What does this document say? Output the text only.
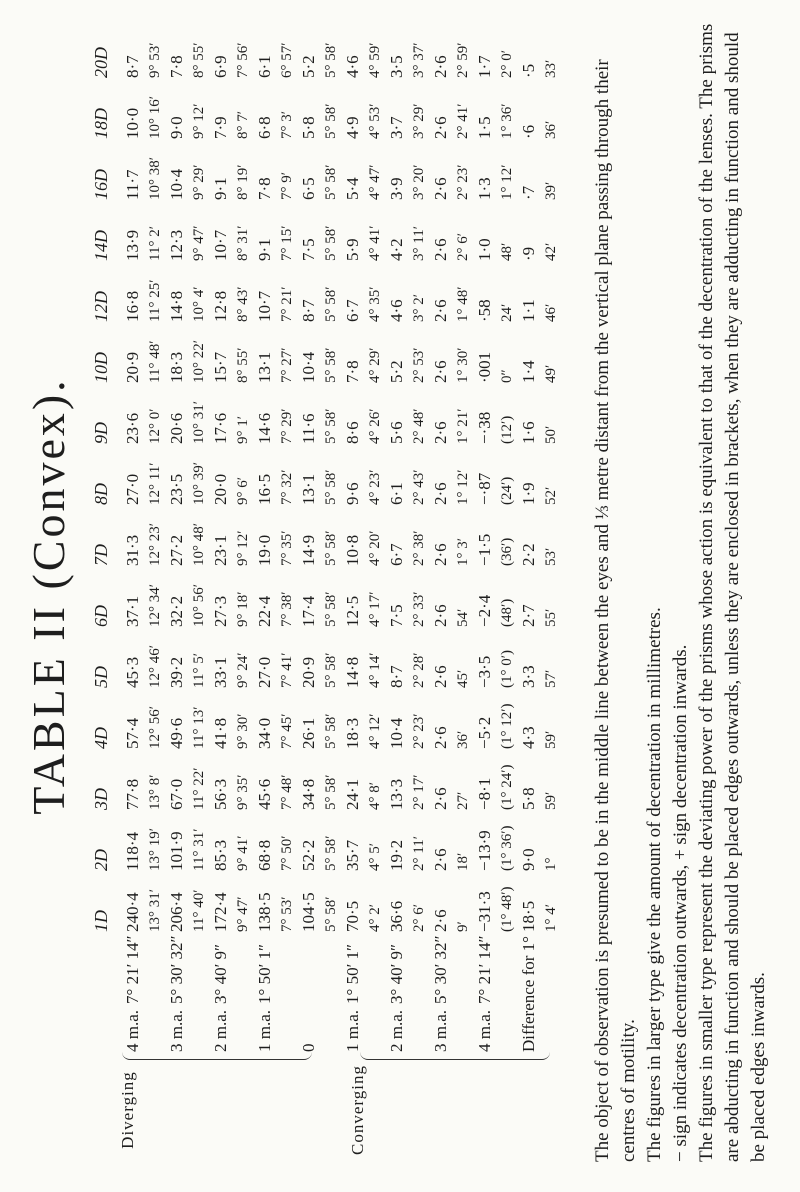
TABLE II (Convex).
Diverging	Converging
1D
2D
3D
4D
5D
6D
7D
8D
9D
10D
12D
14D
16D
18D
20D
4 m.a.7° 21′ 14″
240·4
118·4
77·8
57·4
45·3
37·1
31·3
27·0
23·6
20·9
16·8
13·9
11·7
10·0
8·7
13° 31′
13° 19′
13° 8′
12° 56′
12° 46′
12° 34′
12° 23′
12° 11′
12° 0′
11° 48′
11° 25′
11° 2′
10° 38′
10° 16′
9° 53′
3 m.a.5° 30′ 32″
206·4
101·9
67·0
49·6
39·2
32·2
27·2
23·5
20·6
18·3
14·8
12·3
10·4
9·0
7·8
11° 40′
11° 31′
11° 22′
11° 13′
11° 5′
10° 56′
10° 48′
10° 39′
10° 31′
10° 22′
10° 4′
9° 47′
9° 29′
9° 12′
8° 55′
2 m.a.3° 40′ 9″
172·4
85·3
56·3
41·8
33·1
27·3
23·1
20·0
17·6
15·7
12·8
10·7
9·1
7·9
6·9
9° 47′
9° 41′
9° 35′
9° 30′
9° 24′
9° 18′
9° 12′
9° 6′
9° 1′
8° 55′
8° 43′
8° 31′
8° 19′
8° 7′
7° 56′
1 m.a.1° 50′ 1″
138·5
68·8
45·6
34·0
27·0
22·4
19·0
16·5
14·6
13·1
10·7
9·1
7·8
6·8
6·1
7° 53′
7° 50′
7° 48′
7° 45′
7° 41′
7° 38′
7° 35′
7° 32′
7° 29′
7° 27′
7° 21′
7° 15′
7° 9′
7° 3′
6° 57′
0
104·5
52·2
34·8
26·1
20·9
17·4
14·9
13·1
11·6
10·4
8·7
7·5
6·5
5·8
5·2
5° 58′
5° 58′
5° 58′
5° 58′
5° 58′
5° 58′
5° 58′
5° 58′
5° 58′
5° 58′
5° 58′
5° 58′
5° 58′
5° 58′
5° 58′
1 m.a.1° 50′ 1″
70·5
35·7
24·1
18·3
14·8
12·5
10·8
9·6
8·6
7·8
6·7
5·9
5·4
4·9
4·6
4° 2′
4° 5′
4° 8′
4° 12′
4° 14′
4° 17′
4° 20′
4° 23′
4° 26′
4° 29′
4° 35′
4° 41′
4° 47′
4° 53′
4° 59′
2 m.a.3° 40′ 9″
36·6
19·2
13·3
10·4
8·7
7·5
6·7
6·1
5·6
5·2
4·6
4·2
3·9
3·7
3·5
2° 6′
2° 11′
2° 17′
2° 23′
2° 28′
2° 33′
2° 38′
2° 43′
2° 48′
2° 53′
3° 2′
3° 11′
3° 20′
3° 29′
3° 37′
3 m.a.5° 30′ 32″
2·6
2·6
2·6
2·6
2·6
2·6
2·6
2·6
2·6
2·6
2·6
2·6
2·6
2·6
2·6
9′
18′
27′
36′
45′
54′
1° 3′
1° 12′
1° 21′
1° 30′
1° 48′
2° 6′
2° 23′
2° 41′
2° 59′
4 m.a.7° 21′ 14″
−31·3
−13·9
−8·1
−5·2
−3·5
−2·4
−1·5
−·87
−·38
·001
·58
1·0
1·3
1·5
1·7
(1° 48′)
(1° 36′)
(1° 24′)
(1° 12′)
(1° 0′)
(48′)
(36′)
(24′)
(12′)
0″
24′
48′
1° 12′
1° 36′
2° 0′
Difference for 1°
18·5
9·0
5·8
4·3
3·3
2·7
2·2
1·9
1·6
1·4
1·1
·9
·7
·6
·5
1° 4′
1°
59′
59′
57′
55′
53′
52′
50′
49′
46′
42′
39′
36′
33′ The object of observation is presumed to be in the middle line between the eyes and ⅓ metre distant from the vertical plane passing through their centres of motility. The figures in larger type give the amount of decentration in millimetres. − sign indicates decentration outwards, + sign decentration inwards. The figures in smaller type represent the deviating power of the prisms whose action is equivalent to that of the decentration of the lenses. The prisms are abducting in function and should be placed edges outwards, unless they are enclosed in brackets, when they are adducting in function and should be placed edges inwards.
